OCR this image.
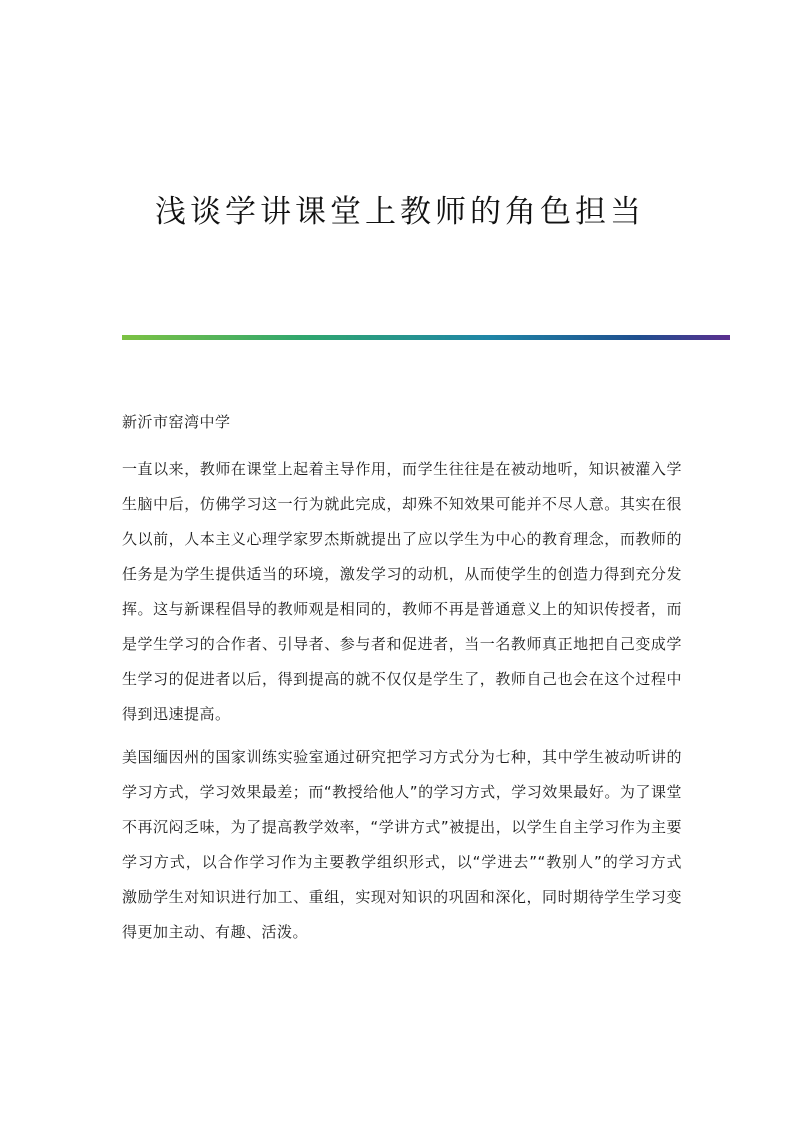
浅谈学讲课堂上教师的角色担当

新沂市窑湾中学

一直以来，教师在课堂上起着主导作用，而学生往往是在被动地听，知识被灌入学生脑中后，仿佛学习这一行为就此完成，却殊不知效果可能并不尽人意。其实在很久以前，人本主义心理学家罗杰斯就提出了应以学生为中心的教育理念，而教师的任务是为学生提供适当的环境，激发学习的动机，从而使学生的创造力得到充分发挥。这与新课程倡导的教师观是相同的，教师不再是普通意义上的知识传授者，而是学生学习的合作者、引导者、参与者和促进者，当一名教师真正地把自己变成学生学习的促进者以后，得到提高的就不仅仅是学生了，教师自己也会在这个过程中得到迅速提高。

美国缅因州的国家训练实验室通过研究把学习方式分为七种，其中学生被动听讲的学习方式，学习效果最差；而“教授给他人”的学习方式，学习效果最好。为了课堂不再沉闷乏味，为了提高教学效率，“学讲方式”被提出，以学生自主学习作为主要学习方式，以合作学习作为主要教学组织形式，以“学进去”“教别人”的学习方式激励学生对知识进行加工、重组，实现对知识的巩固和深化，同时期待学生学习变得更加主动、有趣、活泼。
